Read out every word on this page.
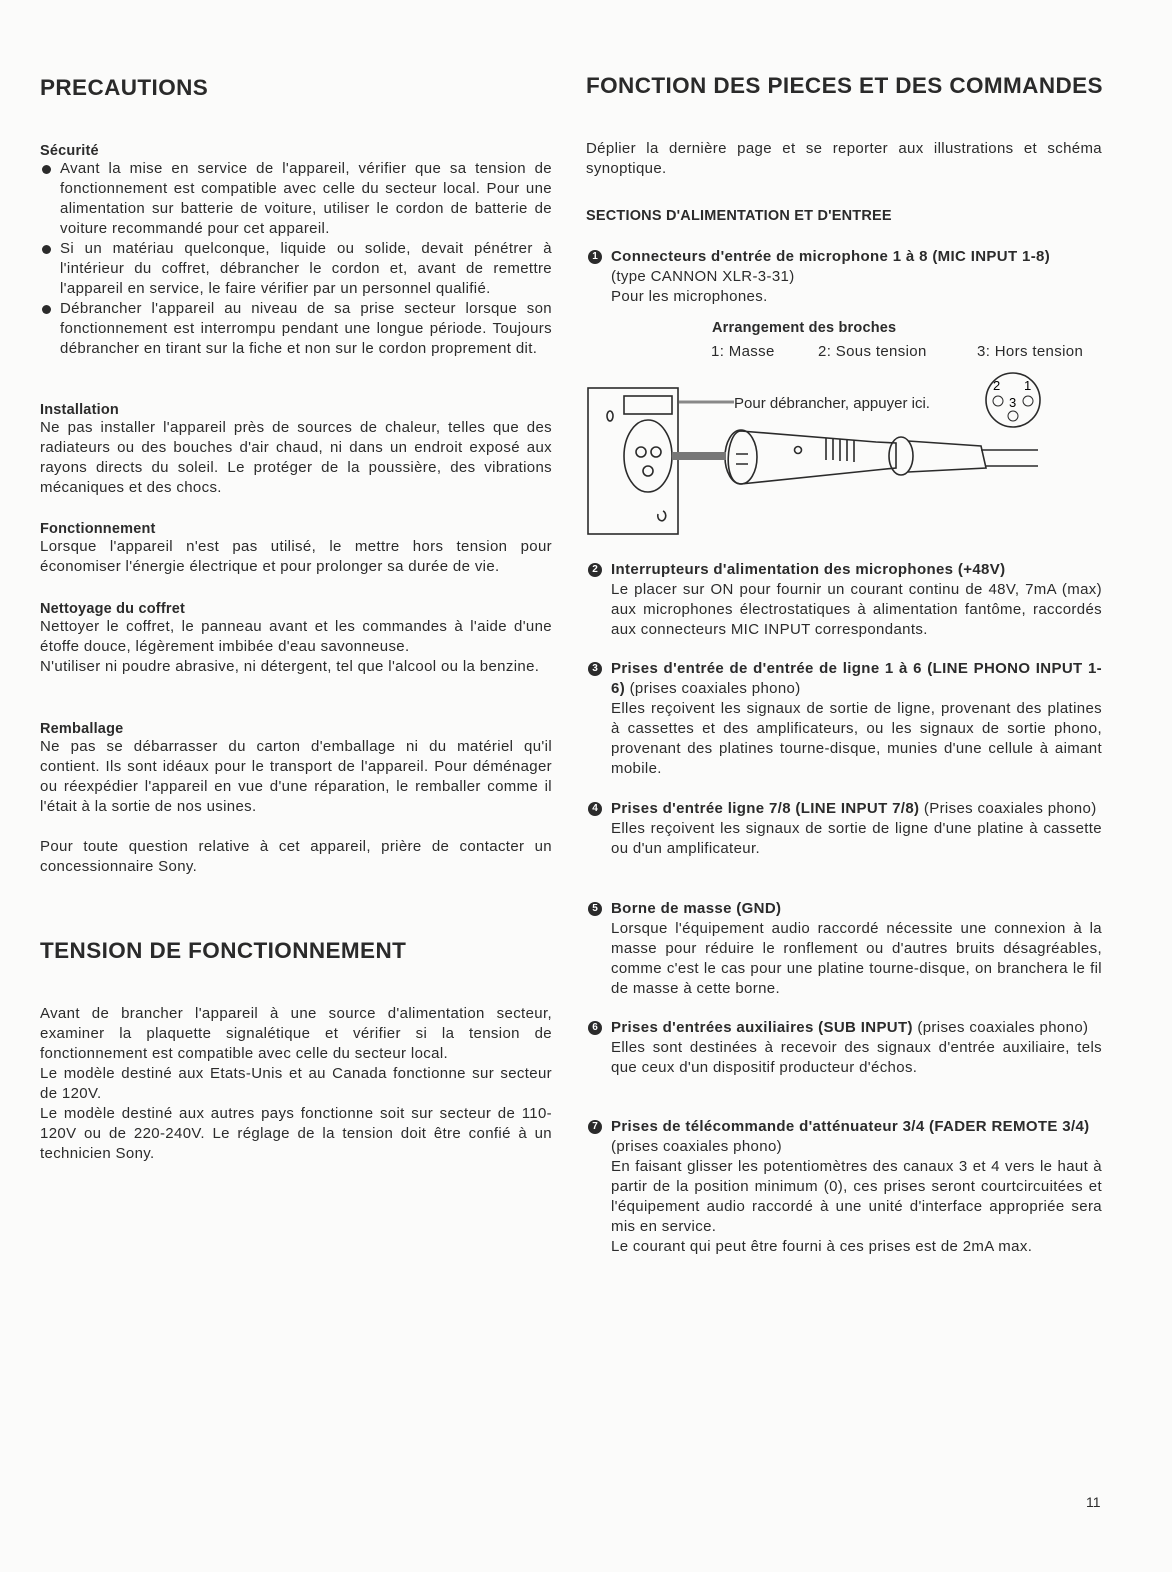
PRECAUTIONS
Sécurité
Avant la mise en service de l'appareil, vérifier que sa tension de fonctionnement est compatible avec celle du secteur local. Pour une alimentation sur batterie de voiture, utiliser le cordon de batterie de voiture recommandé pour cet appareil.
Si un matériau quelconque, liquide ou solide, devait pénétrer à l'intérieur du coffret, débrancher le cordon et, avant de remettre l'appareil en service, le faire vérifier par un personnel qualifié.
Débrancher l'appareil au niveau de sa prise secteur lorsque son fonctionnement est interrompu pendant une longue période. Toujours débrancher en tirant sur la fiche et non sur le cordon proprement dit.
Installation

Ne pas installer l'appareil près de sources de chaleur, telles que des radiateurs ou des bouches d'air chaud, ni dans un endroit exposé aux rayons directs du soleil. Le protéger de la poussière, des vibrations mécaniques et des chocs.

Fonctionnement

Lorsque l'appareil n'est pas utilisé, le mettre hors tension pour économiser l'énergie électrique et pour prolonger sa durée de vie.

Nettoyage du coffret

Nettoyer le coffret, le panneau avant et les commandes à l'aide d'une étoffe douce, légèrement imbibée d'eau savonneuse.

N'utiliser ni poudre abrasive, ni détergent, tel que l'alcool ou la benzine.

Remballage

Ne pas se débarrasser du carton d'emballage ni du matériel qu'il contient. Ils sont idéaux pour le transport de l'appareil. Pour déménager ou réexpédier l'appareil en vue d'une réparation, le remballer comme il l'était à la sortie de nos usines.

Pour toute question relative à cet appareil, prière de contacter un concessionnaire Sony.

TENSION DE FONCTIONNEMENT

Avant de brancher l'appareil à une source d'alimentation secteur, examiner la plaquette signalétique et vérifier si la tension de fonctionnement est compatible avec celle du secteur local.

Le modèle destiné aux Etats-Unis et au Canada fonctionne sur secteur de 120V.

Le modèle destiné aux autres pays fonctionne soit sur secteur de 110-120V ou de 220-240V. Le réglage de la tension doit être confié à un technicien Sony.

FONCTION DES PIECES ET DES COMMANDES

Déplier la dernière page et se reporter aux illustrations et schéma synoptique.

SECTIONS D'ALIMENTATION ET D'ENTREE
1 Connecteurs d'entrée de microphone 1 à 8 (MIC INPUT 1-8)
(type CANNON XLR-3-31)
Pour les microphones.

Arrangement des broches
1: Masse	2: Sous tension	3: Hors tension
Pour débrancher, appuyer ici.
2 1
3
2 Interrupteurs d'alimentation des microphones (+48V)
Le placer sur ON pour fournir un courant continu de 48V, 7mA (max) aux microphones électrostatiques à alimentation fantôme, raccordés aux connecteurs MIC INPUT correspondants.

3 Prises d'entrée de d'entrée de ligne 1 à 6 (LINE PHONO INPUT 1-6) (prises coaxiales phono)
Elles reçoivent les signaux de sortie de ligne, provenant des platines à cassettes et des amplificateurs, ou les signaux de sortie phono, provenant des platines tourne-disque, munies d'une cellule à aimant mobile.

4 Prises d'entrée ligne 7/8 (LINE INPUT 7/8) (Prises coaxiales phono)
Elles reçoivent les signaux de sortie de ligne d'une platine à cassette ou d'un amplificateur.

5 Borne de masse (GND)
Lorsque l'équipement audio raccordé nécessite une connexion à la masse pour réduire le ronflement ou d'autres bruits désagréables, comme c'est le cas pour une platine tourne-disque, on branchera le fil de masse à cette borne.

6 Prises d'entrées auxiliaires (SUB INPUT) (prises coaxiales phono)
Elles sont destinées à recevoir des signaux d'entrée auxiliaire, tels que ceux d'un dispositif producteur d'échos.

7 Prises de télécommande d'atténuateur 3/4 (FADER REMOTE 3/4)
(prises coaxiales phono)
En faisant glisser les potentiomètres des canaux 3 et 4 vers le haut à partir de la position minimum (0), ces prises seront courtcircuitées et l'équipement audio raccordé à une unité d'interface appropriée sera mis en service.
Le courant qui peut être fourni à ces prises est de 2mA max.

11
